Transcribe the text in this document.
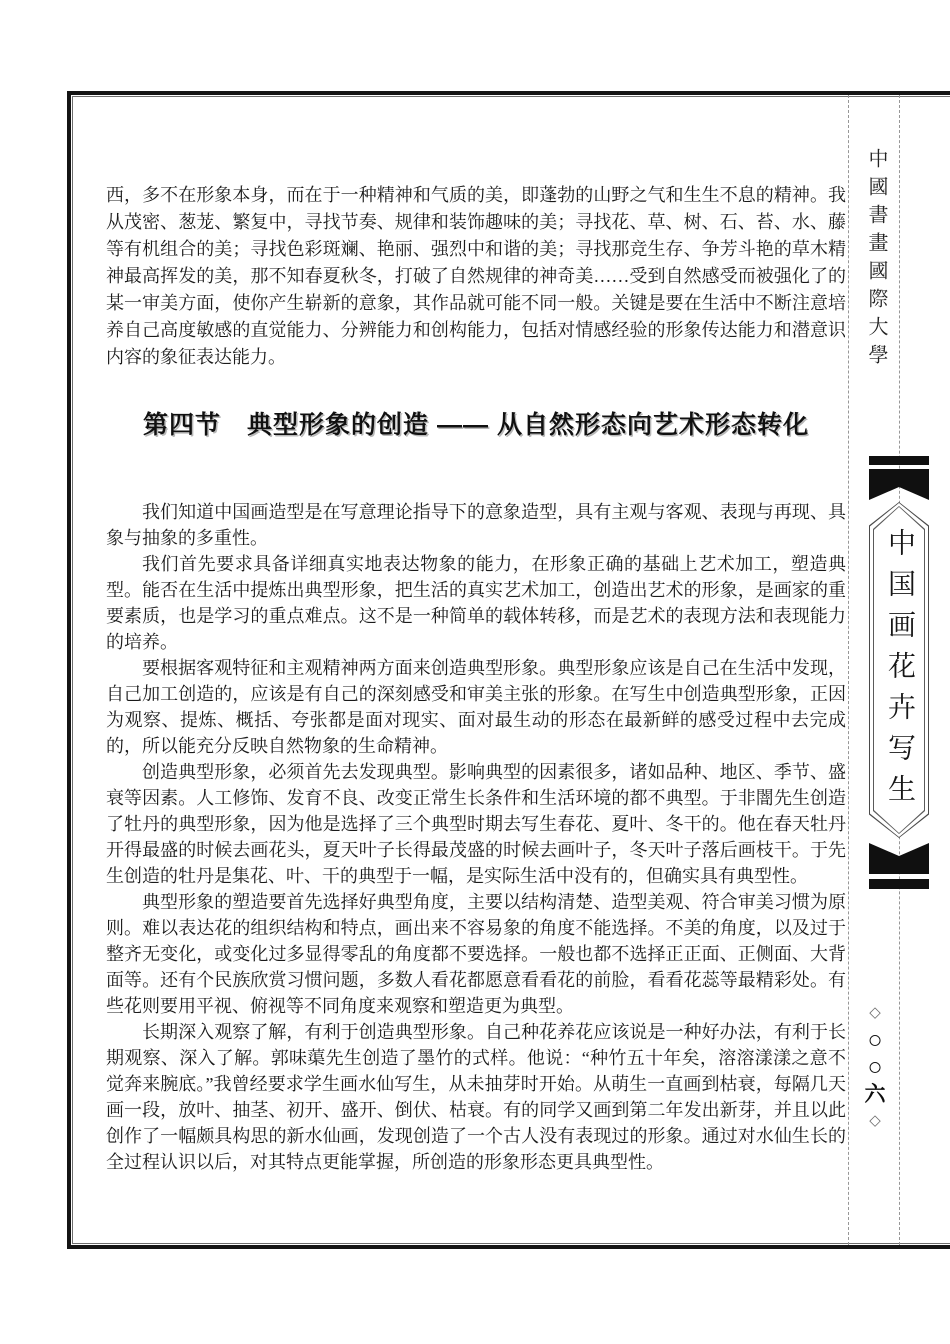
西，多不在形象本身，而在于一种精神和气质的美，即蓬勃的山野之气和生生不息的精神。我从茂密、葱茏、繁复中，寻找节奏、规律和装饰趣味的美；寻找花、草、树、石、苔、水、藤等有机组合的美；寻找色彩斑斓、艳丽、强烈中和谐的美；寻找那竞生存、争芳斗艳的草木精神最高挥发的美，那不知春夏秋冬，打破了自然规律的神奇美……受到自然感受而被强化了的某一审美方面，使你产生崭新的意象，其作品就可能不同一般。关键是要在生活中不断注意培养自己高度敏感的直觉能力、分辨能力和创构能力，包括对情感经验的形象传达能力和潜意识内容的象征表达能力。

第四节　典型形象的创造 —— 从自然形态向艺术形态转化

我们知道中国画造型是在写意理论指导下的意象造型，具有主观与客观、表现与再现、具象与抽象的多重性。

我们首先要求具备详细真实地表达物象的能力，在形象正确的基础上艺术加工，塑造典型。能否在生活中提炼出典型形象，把生活的真实艺术加工，创造出艺术的形象，是画家的重要素质，也是学习的重点难点。这不是一种简单的载体转移，而是艺术的表现方法和表现能力的培养。

要根据客观特征和主观精神两方面来创造典型形象。典型形象应该是自己在生活中发现，自己加工创造的，应该是有自己的深刻感受和审美主张的形象。在写生中创造典型形象，正因为观察、提炼、概括、夸张都是面对现实、面对最生动的形态在最新鲜的感受过程中去完成的，所以能充分反映自然物象的生命精神。

创造典型形象，必须首先去发现典型。影响典型的因素很多，诸如品种、地区、季节、盛衰等因素。人工修饰、发育不良、改变正常生长条件和生活环境的都不典型。于非闇先生创造了牡丹的典型形象，因为他是选择了三个典型时期去写生春花、夏叶、冬干的。他在春天牡丹开得最盛的时候去画花头，夏天叶子长得最茂盛的时候去画叶子，冬天叶子落后画枝干。于先生创造的牡丹是集花、叶、干的典型于一幅，是实际生活中没有的，但确实具有典型性。

典型形象的塑造要首先选择好典型角度，主要以结构清楚、造型美观、符合审美习惯为原则。难以表达花的组织结构和特点，画出来不容易象的角度不能选择。不美的角度，以及过于整齐无变化，或变化过多显得零乱的角度都不要选择。一般也都不选择正正面、正侧面、大背面等。还有个民族欣赏习惯问题，多数人看花都愿意看看花的前脸，看看花蕊等最精彩处。有些花则要用平视、俯视等不同角度来观察和塑造更为典型。

长期深入观察了解，有利于创造典型形象。自己种花养花应该说是一种好办法，有利于长期观察、深入了解。郭味蕖先生创造了墨竹的式样。他说：“种竹五十年矣，溶溶漾漾之意不觉奔来腕底。”我曾经要求学生画水仙写生，从未抽芽时开始。从萌生一直画到枯衰，每隔几天画一段，放叶、抽茎、初开、盛开、倒伏、枯衰。有的同学又画到第二年发出新芽，并且以此创作了一幅颇具构思的新水仙画，发现创造了一个古人没有表现过的形象。通过对水仙生长的全过程认识以后，对其特点更能掌握，所创造的形象形态更具典型性。

中國書畫國際大學
中国画花卉写生
◇
○
○
六
◇
